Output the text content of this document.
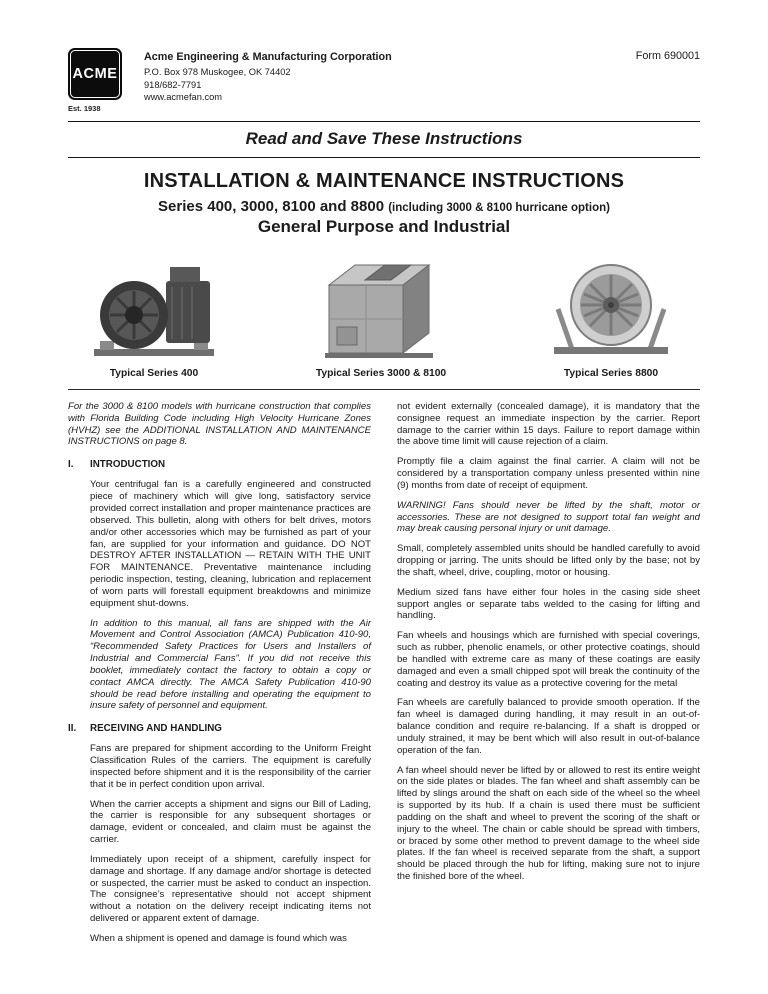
ACME
Est. 1938
Acme Engineering & Manufacturing Corporation
P.O. Box 978 Muskogee, OK 74402
918/682-7791
www.acmefan.com
Form 690001
Read and Save These Instructions
INSTALLATION & MAINTENANCE INSTRUCTIONS
Series 400, 3000, 8100 and 8800 (including 3000 & 8100 hurricane option)
General Purpose and Industrial
Typical Series 400	Typical Series 3000 & 8100	Typical Series 8800

For the 3000 & 8100 models with hurricane construction that complies with Florida Building Code including High Velocity Hurricane Zones (HVHZ) see the ADDITIONAL INSTALLATION AND MAINTENANCE INSTRUCTIONS on page 8.

I.	INTRODUCTION

Your centrifugal fan is a carefully engineered and constructed piece of machinery which will give long, satisfactory service provided correct installation and proper maintenance practices are observed. This bulletin, along with others for belt drives, motors and/or other accessories which may be furnished as part of your fan, are supplied for your information and guidance. DO NOT DESTROY AFTER INSTALLATION — RETAIN WITH THE UNIT FOR MAINTENANCE. Preventative maintenance including periodic inspection, testing, cleaning, lubrication and replacement of worn parts will forestall equipment breakdowns and minimize equipment shut-downs.

In addition to this manual, all fans are shipped with the Air Movement and Control Association (AMCA) Publication 410-90, “Recommended Safety Practices for Users and Installers of Industrial and Commercial Fans”. If you did not receive this booklet, immediately contact the factory to obtain a copy or contact AMCA directly. The AMCA Safety Publication 410-90 should be read before installing and operating the equipment to insure safety of personnel and equipment.

II.	RECEIVING AND HANDLING

Fans are prepared for shipment according to the Uniform Freight Classification Rules of the carriers. The equipment is carefully inspected before shipment and it is the responsibility of the carrier that it be in perfect condition upon arrival.

When the carrier accepts a shipment and signs our Bill of Lading, the carrier is responsible for any subsequent shortages or damage, evident or concealed, and claim must be against the carrier.

Immediately upon receipt of a shipment, carefully inspect for damage and shortage. If any damage and/or shortage is detected or suspected, the carrier must be asked to conduct an inspection. The consignee’s representative should not accept shipment without a notation on the delivery receipt indicating items not delivered or apparent extent of damage.

When a shipment is opened and damage is found which was

not evident externally (concealed damage), it is mandatory that the consignee request an immediate inspection by the carrier. Report damage to the carrier within 15 days. Failure to report damage within the above time limit will cause rejection of a claim.

Promptly file a claim against the final carrier. A claim will not be considered by a transportation company unless presented within nine (9) months from date of receipt of equipment.

WARNING! Fans should never be lifted by the shaft, motor or accessories. These are not designed to support total fan weight and may break causing personal injury or unit damage.

Small, completely assembled units should be handled carefully to avoid dropping or jarring. The units should be lifted only by the base; not by the shaft, wheel, drive, coupling, motor or housing.

Medium sized fans have either four holes in the casing side sheet support angles or separate tabs welded to the casing for lifting and handling.

Fan wheels and housings which are furnished with special coverings, such as rubber, phenolic enamels, or other protective coatings, should be handled with extreme care as many of these coatings are easily damaged and even a small chipped spot will break the continuity of the coating and destroy its value as a protective covering for the metal

Fan wheels are carefully balanced to provide smooth operation. If the fan wheel is damaged during handling, it may result in an out-of-balance condition and require re-balancing. If a shaft is dropped or unduly strained, it may be bent which will also result in out-of-balance operation of the fan.

A fan wheel should never be lifted by or allowed to rest its entire weight on the side plates or blades. The fan wheel and shaft assembly can be lifted by slings around the shaft on each side of the wheel so the wheel is supported by its hub. If a chain is used there must be sufficient padding on the shaft and wheel to prevent the scoring of the shaft or injury to the wheel. The chain or cable should be spread with timbers, or braced by some other method to prevent damage to the wheel side plates. If the fan wheel is received separate from the shaft, a support should be placed through the hub for lifting, making sure not to injure the finished bore of the wheel.
